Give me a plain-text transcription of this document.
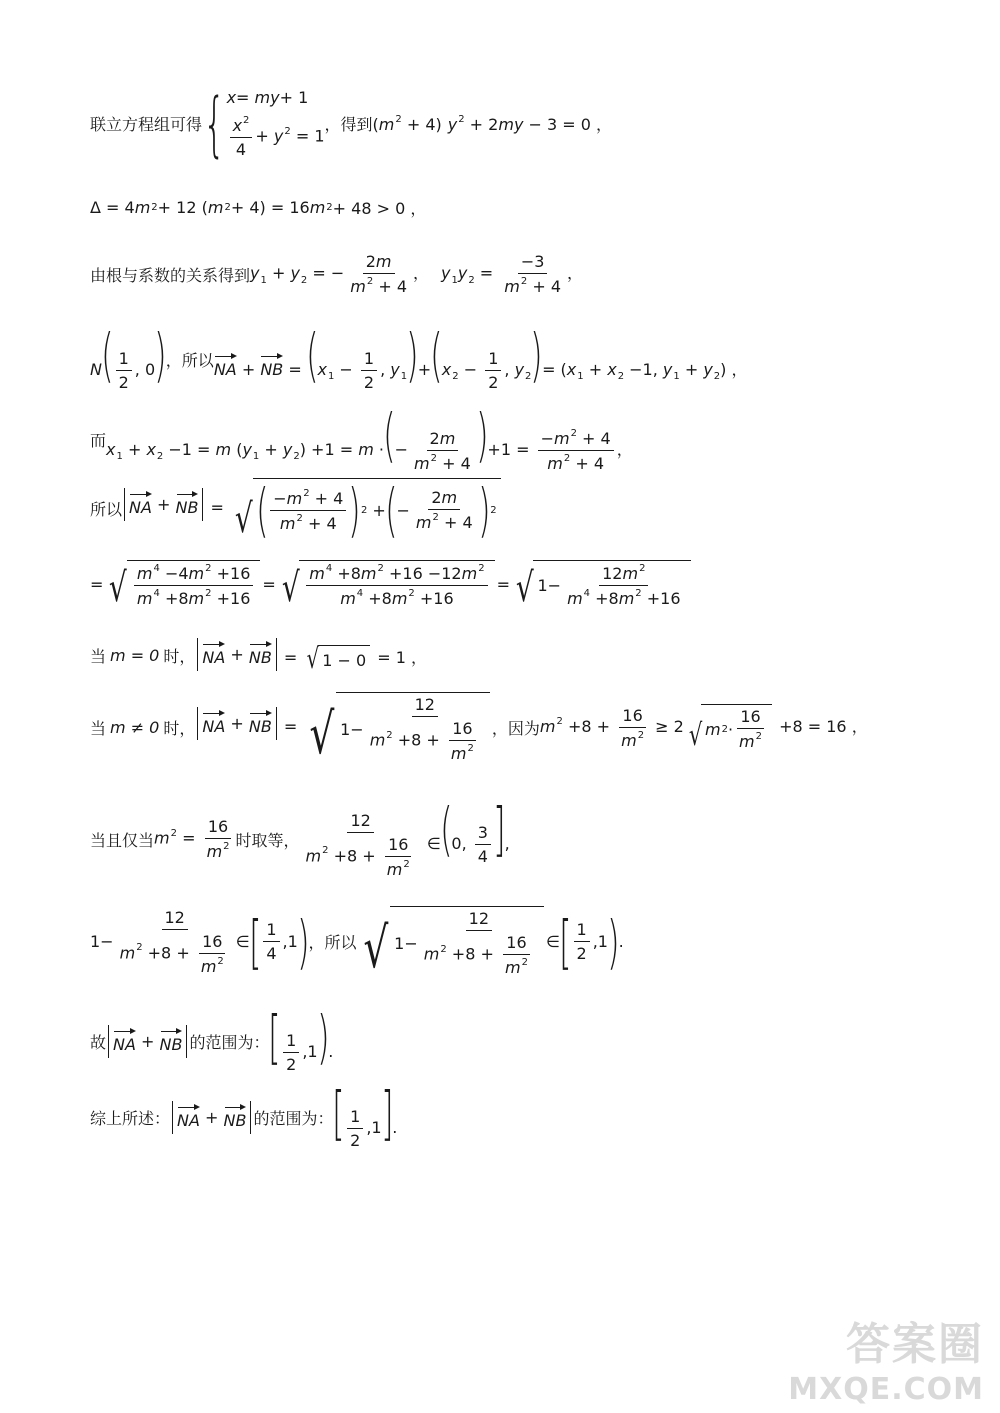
联立方程组可得 { x= my+ 1
$\frac{x^2}{4} + y^2 = 1$
，得到 $(m^2 + 4) y^2 + 2my - 3 = 0$ ，
Δ = 4 m 2 + 12 ( m 2 + 4) = 16 m 2 + 48 > 0 ，
由根与系数的关系得到 $y_1 + y_2$ = − $\frac{2m}{m^2 + 4}$ ， $y_1y_2 = \frac{-3}{m^2 + 4}$ ，
$N( \frac{1}{2}$ , 0) ，所以 NA + NB = ($x_1 - \frac{1}{2}$ , $y_1)+(x_2 - \frac{1}{2}$ , $y_2)= (x_1 + x_2 -1$, $y_1 + y_2$) ，
而 $x_1 + x_2 -1 = m$ $(y_1 + y_2) +1 = m$ ·(− $\frac{2m}{m^2 + 4} )+1 = \frac{-m^2 + 4}{m^2 + 4}$ ，
所以 NA + NB = √ ( $\frac{-m^2 + 4}{m^2 + 4}$ ) 2 + ( − $\frac{2m}{m^2 + 4}$ ) 2
= √ $\frac{m^4 -4m^2 +16}{m^4 +8m^2 +16}$ = √ $\frac{m^4 +8m^2 +16 -12m^2}{m^4 +8m^2 +16}$ = √ $1- \frac{12m^2}{m^4 +8m^2 +16}$
当 m = 0 时， NA + NB = √ 1 − 0 = 1 ，
当 m ≠ 0 时， NA + NB = √ $1- \frac{12}{m^2 +8 + \frac{16}{m^2}}$ ，因为 $m^2 +8 + \frac{16}{m^2} \ge 2$ √ m $2 \cdot \frac{16}{m^2} +8 = 16$ ，
当且仅当 $m^2 = \frac{16}{m^2}$ 时取等， $\frac{12}{m^2 +8 + \frac{16}{m^2}}$ ∈(0, $\frac{3}{4}$ ],
$1- \frac{12}{m^2 +8 + \frac{16}{m^2}}$ ∈ [ $\frac{1}{4} ,1$ ) ，所以 √ $1- \frac{12}{m^2 +8 + \frac{16}{m^2}}$ ∈ [ $\frac{1}{2} ,1$ ) .
故 NA + NB 的范围为： [ $\frac{1}{2} ,1$).
综上所述： NA + NB 的范围为： [ $\frac{1}{2} ,1$].
答案圈
MXQE.COM
